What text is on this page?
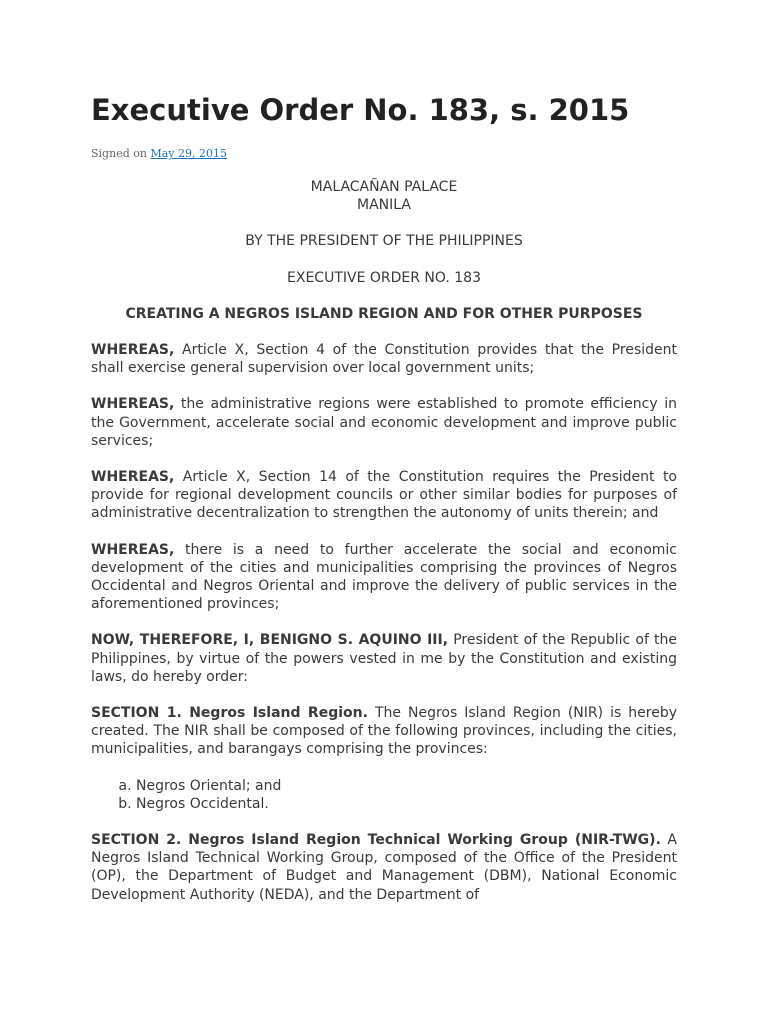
Executive Order No. 183, s. 2015
Signed on May 29, 2015

MALACAÑAN PALACE
MANILA

BY THE PRESIDENT OF THE PHILIPPINES

EXECUTIVE ORDER NO. 183

CREATING A NEGROS ISLAND REGION AND FOR OTHER PURPOSES

WHEREAS, Article X, Section 4 of the Constitution provides that the President shall exercise general supervision over local government units;

WHEREAS, the administrative regions were established to promote efficiency in the Government, accelerate social and economic development and improve public services;

WHEREAS, Article X, Section 14 of the Constitution requires the President to provide for regional development councils or other similar bodies for purposes of administrative decentralization to strengthen the autonomy of units therein; and

WHEREAS, there is a need to further accelerate the social and economic development of the cities and municipalities comprising the provinces of Negros Occidental and Negros Oriental and improve the delivery of public services in the aforementioned provinces;

NOW, THEREFORE, I, BENIGNO S. AQUINO III, President of the Republic of the Philippines, by virtue of the powers vested in me by the Constitution and existing laws, do hereby order:

SECTION 1. Negros Island Region. The Negros Island Region (NIR) is hereby created. The NIR shall be composed of the following provinces, including the cities, municipalities, and barangays comprising the provinces:

a. Negros Oriental; and
b. Negros Occidental.

SECTION 2. Negros Island Region Technical Working Group (NIR-TWG). A Negros Island Technical Working Group, composed of the Office of the President (OP), the Department of Budget and Management (DBM), National Economic Development Authority (NEDA), and the Department of
